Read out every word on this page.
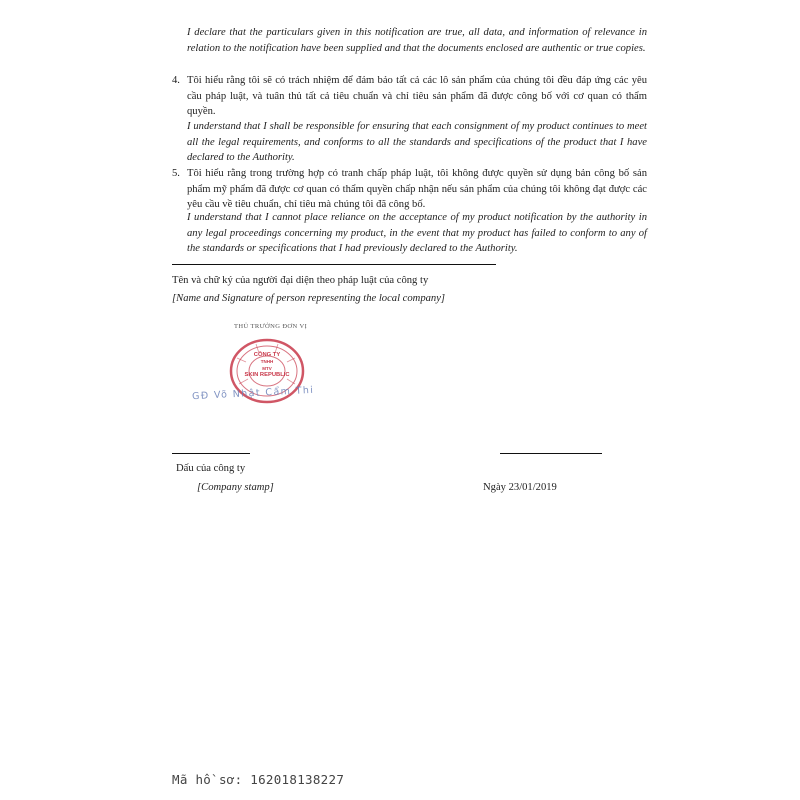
I declare that the particulars given in this notification are true, all data, and information of relevance in relation to the notification have been supplied and that the documents enclosed are authentic or true copies.
4. Tôi hiểu rằng tôi sẽ có trách nhiệm để đảm bảo tất cả các lô sản phẩm của chúng tôi đều đáp ứng các yêu cầu pháp luật, và tuân thủ tất cả tiêu chuẩn và chỉ tiêu sản phẩm đã được công bố với cơ quan có thẩm quyền.
I understand that I shall be responsible for ensuring that each consignment of my product continues to meet all the legal requirements, and conforms to all the standards and specifications of the product that I have declared to the Authority.
5. Tôi hiểu rằng trong trường hợp có tranh chấp pháp luật, tôi không được quyền sử dụng bản công bố sản phẩm mỹ phẩm đã được cơ quan có thẩm quyền chấp nhận nếu sản phẩm của chúng tôi không đạt được các yêu cầu về tiêu chuẩn, chỉ tiêu mà chúng tôi đã công bố.
I understand that I cannot place reliance on the acceptance of my product notification by the authority in any legal proceedings concerning my product, in the event that my product has failed to conform to any of the standards or specifications that I had previously declared to the Authority.
Tên và chữ ký của người đại diện theo pháp luật của công ty
[Name and Signature of person representing the local company]
THỦ TRƯỞNG ĐƠN VỊ
CÔNG TY
TNHH
MTV
SKIN REPUBLIC
GĐ Võ Nhật Cẩm Thi
Dấu của công ty
[Company stamp]	Ngày 23/01/2019
Mã hồ sơ: 162018138227
